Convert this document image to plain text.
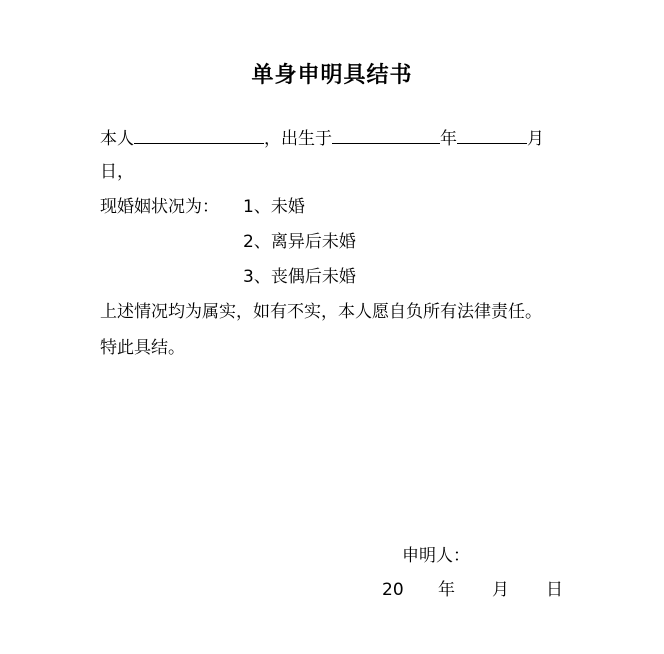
单身申明具结书
本人	，出生于	年	月
日，
现婚姻状况为： 1、未婚
2、离异后未婚
3、丧偶后未婚
上述情况均为属实，如有不实，本人愿自负所有法律责任。
特此具结。
申明人：
20 年 月 日
